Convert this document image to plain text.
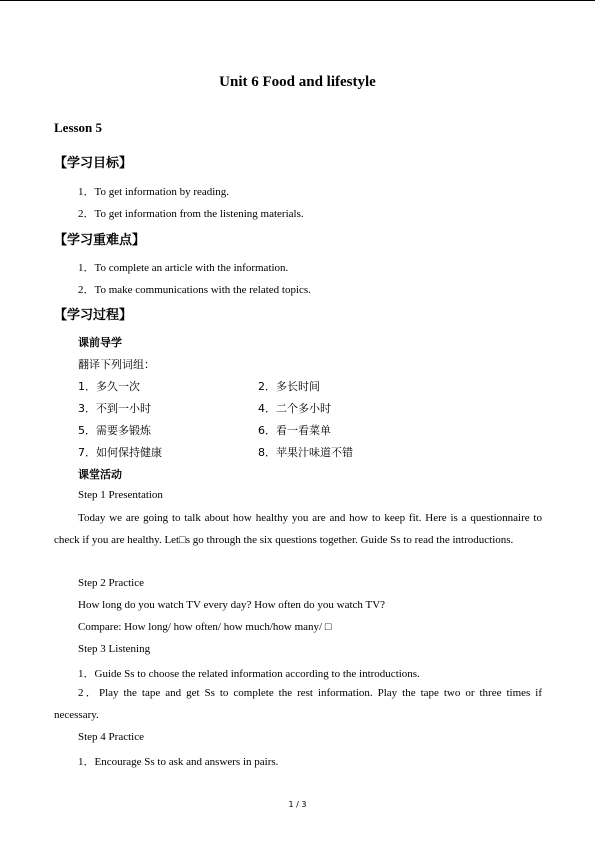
Unit 6 Food and lifestyle
Lesson 5
【学习目标】
1．To get information by reading.
2．To get information from the listening materials.
【学习重难点】
1．To complete an article with the information.
2．To make communications with the related topics.
【学习过程】
课前导学
翻译下列词组：
1．多久一次	2．多长时间
3．不到一小时	4．二个多小时
5．需要多锻炼	6．看一看菜单
7．如何保持健康	8．苹果汁味道不错
课堂活动
Step 1 Presentation
Today we are going to talk about how healthy you are and how to keep fit. Here is a questionnaire to check if you are healthy. Let□s go through the six questions together. Guide Ss to read the introductions.
Step 2 Practice
How long do you watch TV every day? How often do you watch TV?
Compare: How long/ how often/ how much/how many/ □
Step 3 Listening
1．Guide Ss to choose the related information according to the introductions.
2．Play the tape and get Ss to complete the rest information. Play the tape two or three times if necessary.
Step 4 Practice
1．Encourage Ss to ask and answers in pairs.
1 / 3
